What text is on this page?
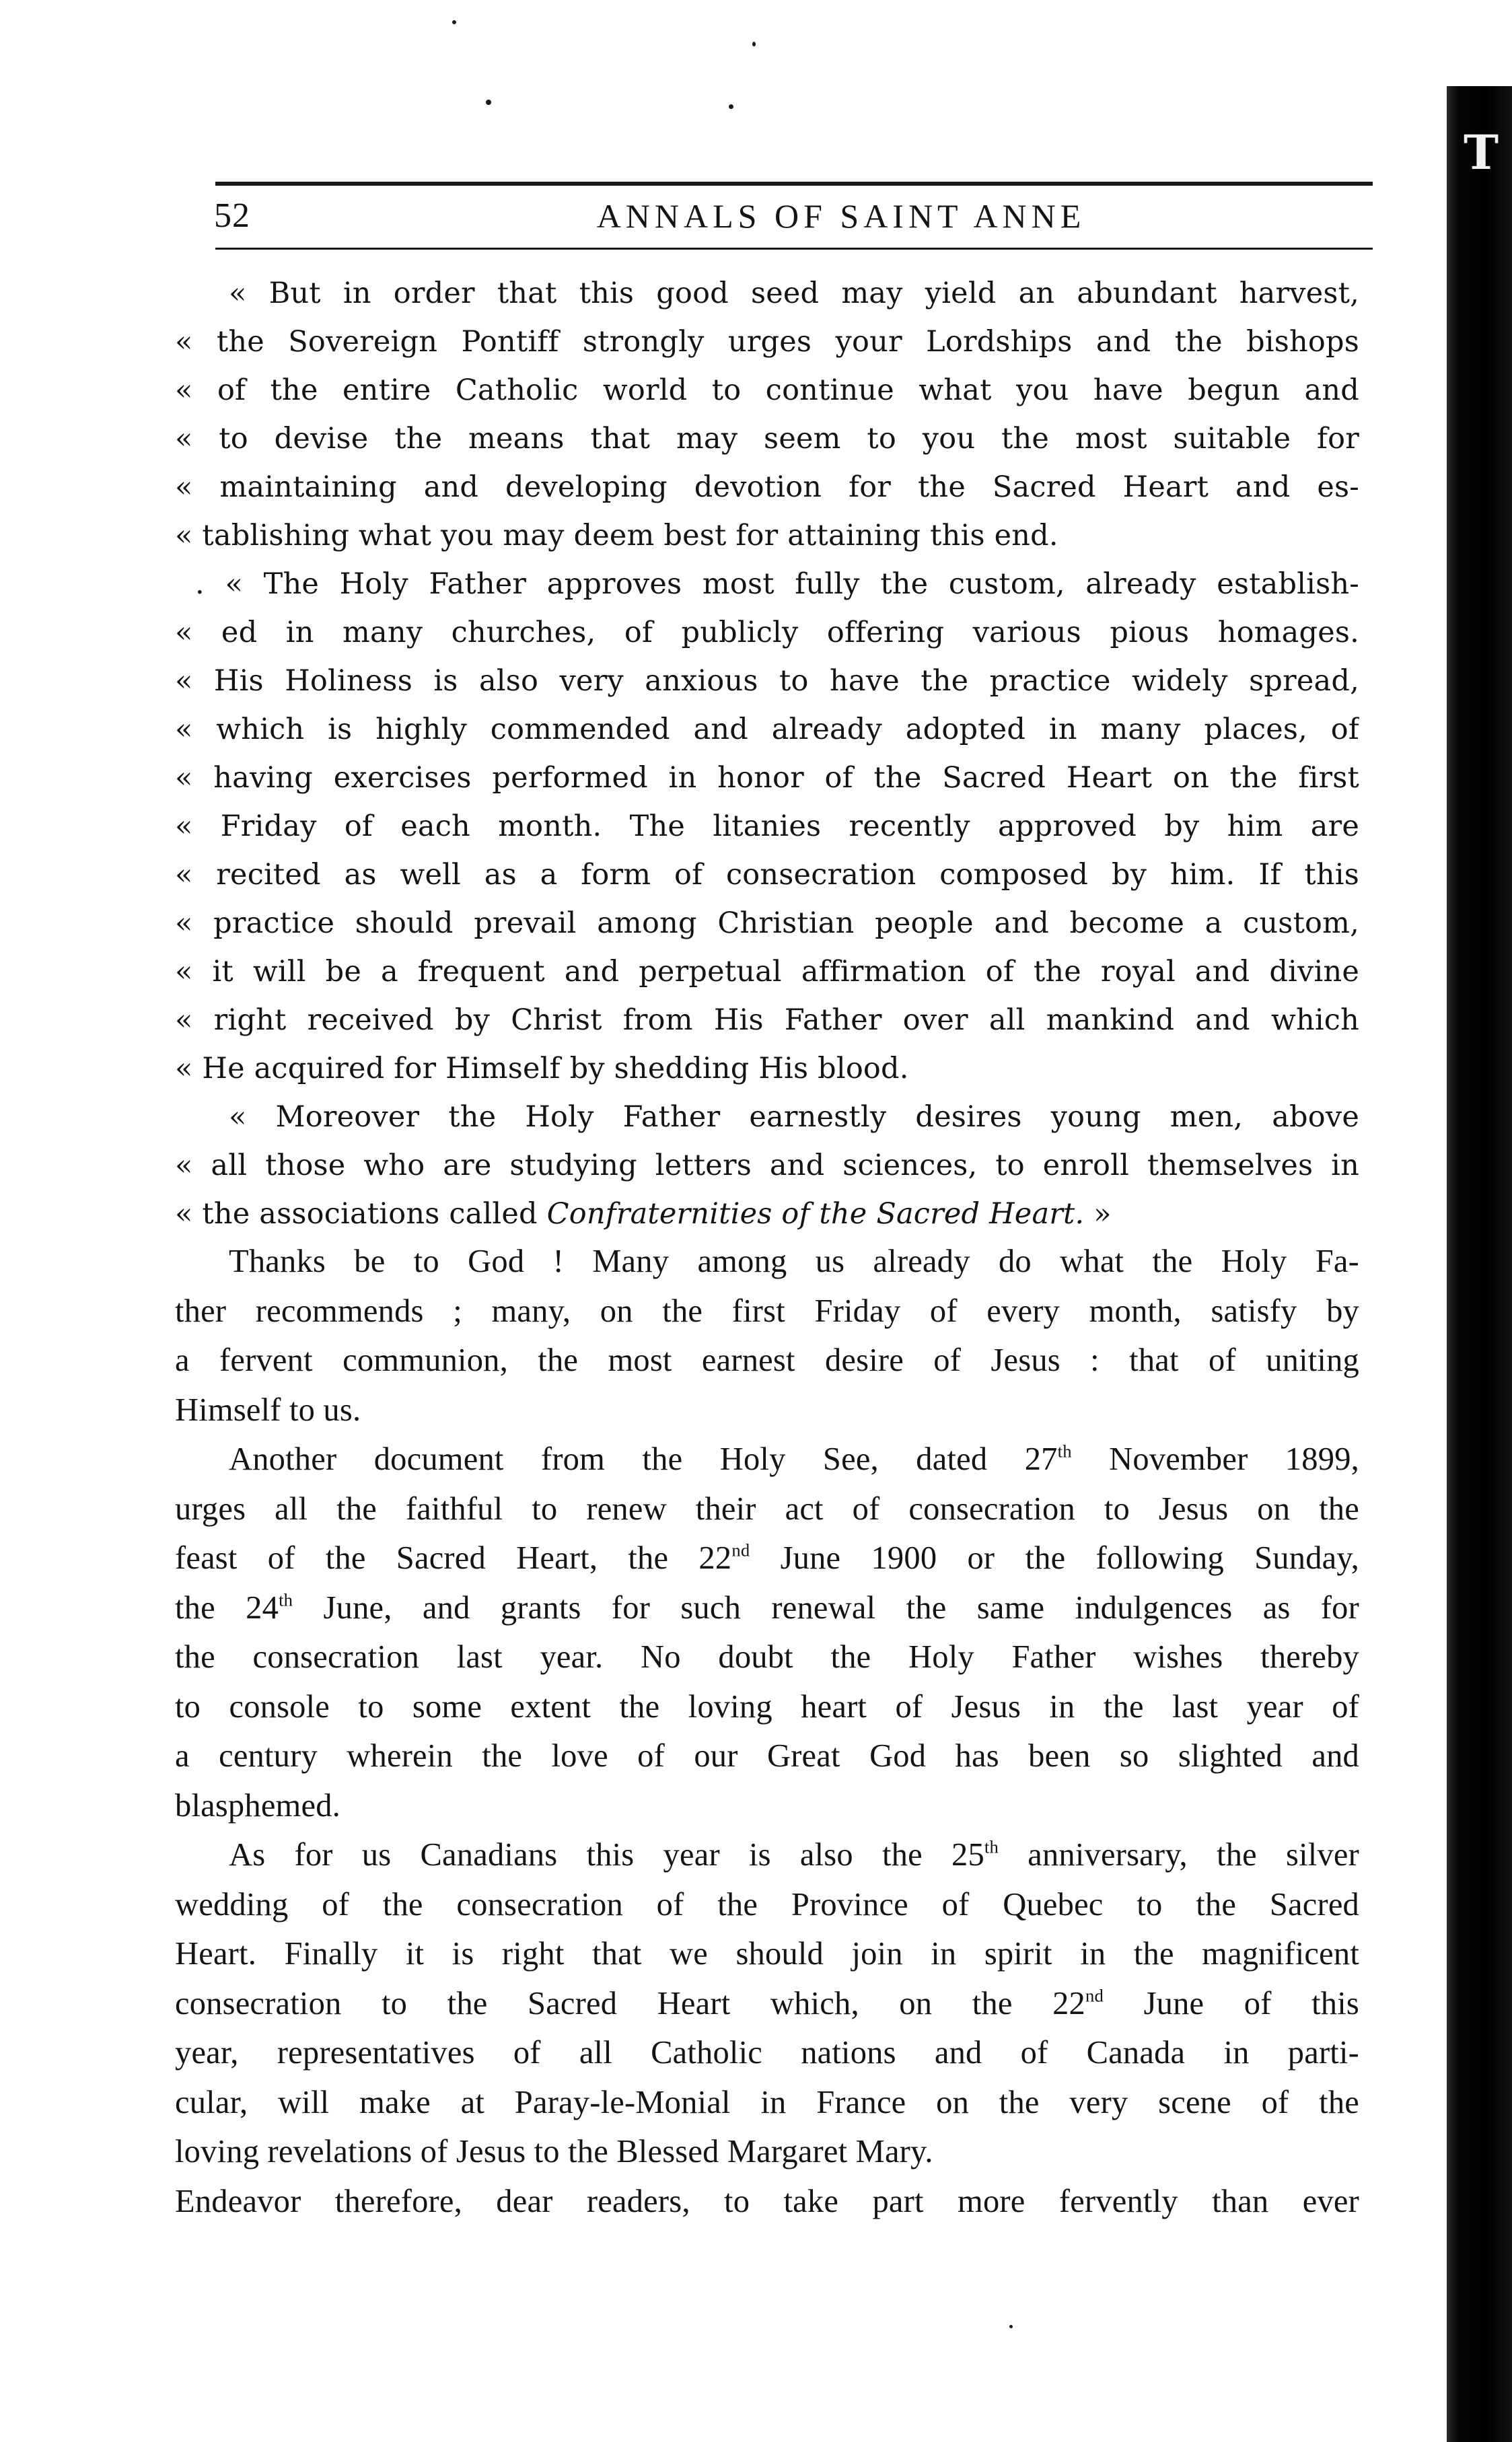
T
52	ANNALS OF SAINT ANNE
« But in order that this good seed may yield an abundant harvest,
« the Sovereign Pontiff strongly urges your Lordships and the bishops
« of the entire Catholic world to continue what you have begun and
« to devise the means that may seem to you the most suitable for
« maintaining and developing devotion for the Sacred Heart and es-
« tablishing what you may deem best for attaining this end.
. « The Holy Father approves most fully the custom, already establish-
« ed in many churches, of publicly offering various pious homages.
« His Holiness is also very anxious to have the practice widely spread,
« which is highly commended and already adopted in many places, of
« having exercises performed in honor of the Sacred Heart on the first
« Friday of each month. The litanies recently approved by him are
« recited as well as a form of consecration composed by him. If this
« practice should prevail among Christian people and become a custom,
« it will be a frequent and perpetual affirmation of the royal and divine
« right received by Christ from His Father over all mankind and which
« He acquired for Himself by shedding His blood.
« Moreover the Holy Father earnestly desires young men, above
« all those who are studying letters and sciences, to enroll themselves in
« the associations called Confraternities of the Sacred Heart. »
Thanks be to God ! Many among us already do what the Holy Fa-
ther recommends ; many, on the first Friday of every month, satisfy by
a fervent communion, the most earnest desire of Jesus : that of uniting
Himself to us.
Another document from the Holy See, dated 27th November 1899,
urges all the faithful to renew their act of consecration to Jesus on the
feast of the Sacred Heart, the 22nd June 1900 or the following Sunday,
the 24th June, and grants for such renewal the same indulgences as for
the consecration last year. No doubt the Holy Father wishes thereby
to console to some extent the loving heart of Jesus in the last year of
a century wherein the love of our Great God has been so slighted and
blasphemed.
As for us Canadians this year is also the 25th anniversary, the silver
wedding of the consecration of the Province of Quebec to the Sacred
Heart. Finally it is right that we should join in spirit in the magnificent
consecration to the Sacred Heart which, on the 22nd June of this
year, representatives of all Catholic nations and of Canada in parti-
cular, will make at Paray-le-Monial in France on the very scene of the
loving revelations of Jesus to the Blessed Margaret Mary.
Endeavor therefore, dear readers, to take part more fervently than ever
